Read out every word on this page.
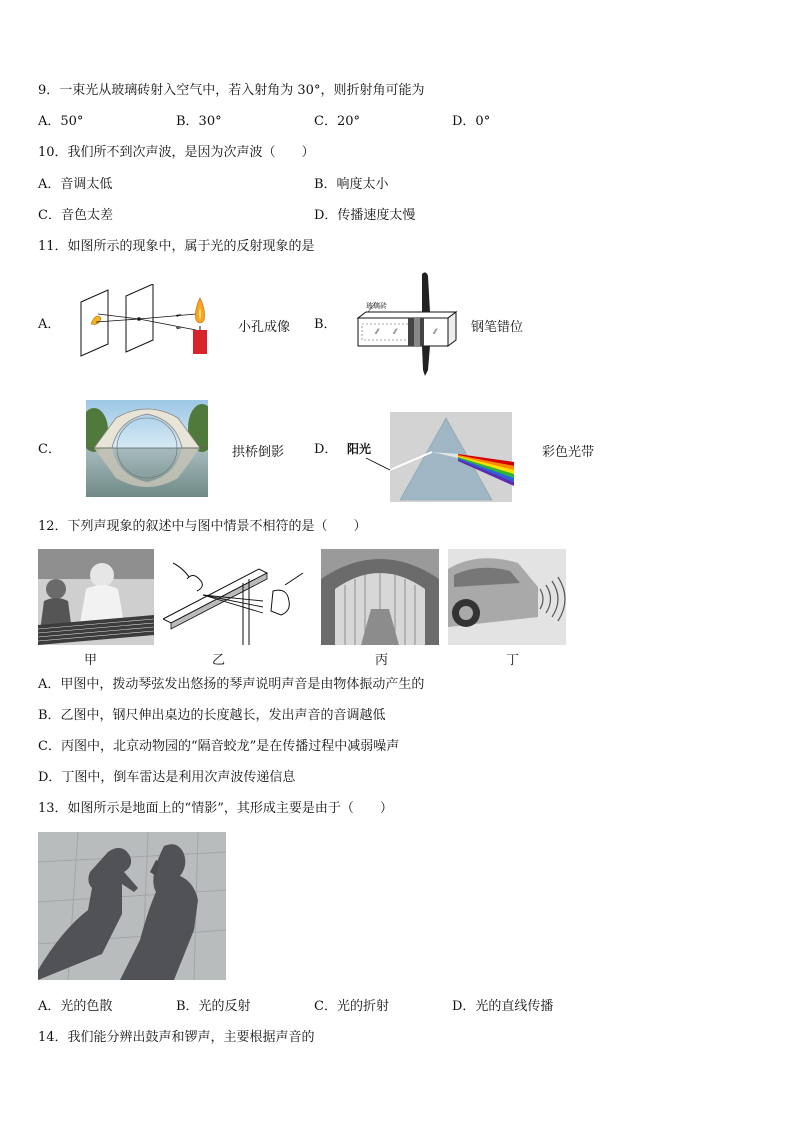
9．一束光从玻璃砖射入空气中，若入射角为 30°，则折射角可能为
A．50°	B．30°	C．20°	D．0°
10．我们所不到次声波，是因为次声波（　　）
A．音调太低	B．响度太小
C．音色太差	D．传播速度太慢
11．如图所示的现象中，属于光的反射现象的是
A．	小孔成像 B．	⁄⁄ ⁄⁄	⁄⁄
玻璃砖
钢笔错位
C．	拱桥倒影 D． 阳光	彩色光带
12．下列声现象的叙述中与图中情景不相符的是（　　）
甲	乙	丙	丁
A．甲图中，拨动琴弦发出悠扬的琴声说明声音是由物体振动产生的
B．乙图中，钢尺伸出桌边的长度越长，发出声音的音调越低
C．丙图中，北京动物园的“隔音蛟龙”是在传播过程中减弱噪声
D．丁图中，倒车雷达是利用次声波传递信息
13．如图所示是地面上的“情影”，其形成主要是由于（　　）
A．光的色散	B．光的反射	C．光的折射	D．光的直线传播
14．我们能分辨出鼓声和锣声，主要根据声音的
